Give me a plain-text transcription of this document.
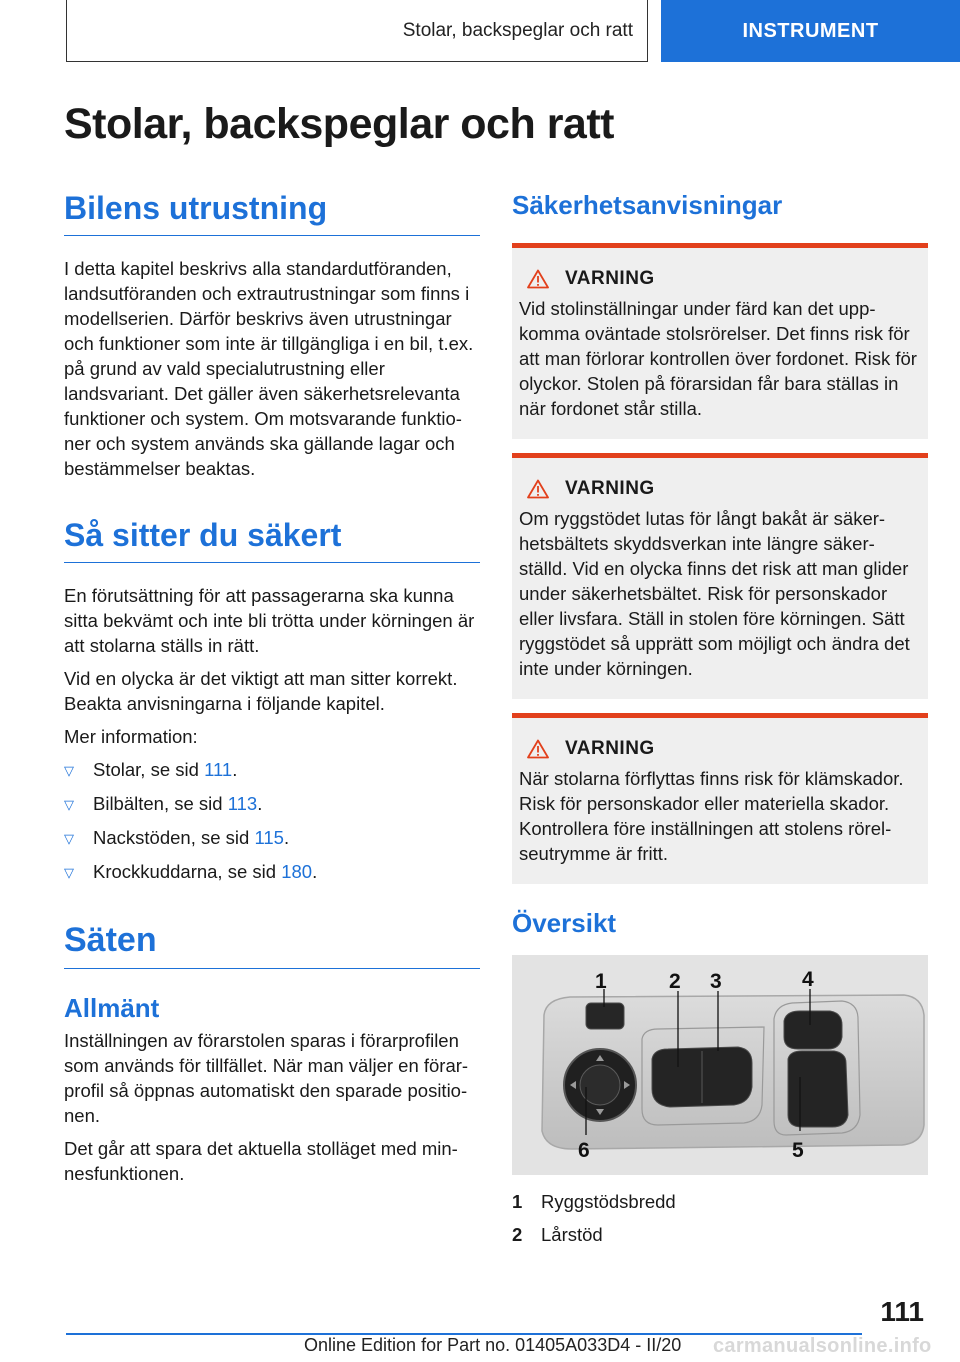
Stolar, backspeglar och ratt	INSTRUMENT
Stolar, backspeglar och ratt
Bilens utrustning

I detta kapitel beskrivs alla standardutföranden, landsutföranden och extrautrustningar som finns i modellserien. Därför beskrivs även utrustningar och funktioner som inte är tillgängliga i en bil, t.ex. på grund av vald specialutrustning eller landsvariant. Det gäller även säkerhetsrelevanta funktioner och system. Om motsvarande funktio-ner och system används ska gällande lagar och bestämmelser beaktas.

Så sitter du säkert

En förutsättning för att passagerarna ska kunna sitta bekvämt och inte bli trötta under körningen är att stolarna ställs in rätt.

Vid en olycka är det viktigt att man sitter korrekt. Beakta anvisningarna i följande kapitel.

Mer information:

▽	Stolar, se sid 111.
▽	Bilbälten, se sid 113.
▽	Nackstöden, se sid 115.
▽	Krockkuddarna, se sid 180.
Säten
Allmänt

Inställningen av förarstolen sparas i förarprofilen som används för tillfället. När man väljer en förar-profil så öppnas automatiskt den sparade positio-nen.

Det går att spara det aktuella stolläget med min-nesfunktionen.

Säkerhetsanvisningar
VARNING

Vid stolinställningar under färd kan det upp-komma oväntade stolsrörelser. Det finns risk för att man förlorar kontrollen över fordonet. Risk för olyckor. Stolen på förarsidan får bara ställas in när fordonet står stilla.

VARNING

Om ryggstödet lutas för långt bakåt är säker-hetsbältets skyddsverkan inte längre säker-ställd. Vid en olycka finns det risk att man glider under säkerhetsbältet. Risk för personskador eller livsfara. Ställ in stolen före körningen. Sätt ryggstödet så upprätt som möjligt och ändra det inte under körningen.

VARNING

När stolarna förflyttas finns risk för klämskador. Risk för personskador eller materiella skador. Kontrollera före inställningen att stolens rörel-seutrymme är fritt.

Översikt
1	2 3	4
5
6
1	Ryggstödsbredd
2	Lårstöd
111
Online Edition for Part no. 01405A033D4 - II/20 carmanualsonline.info
